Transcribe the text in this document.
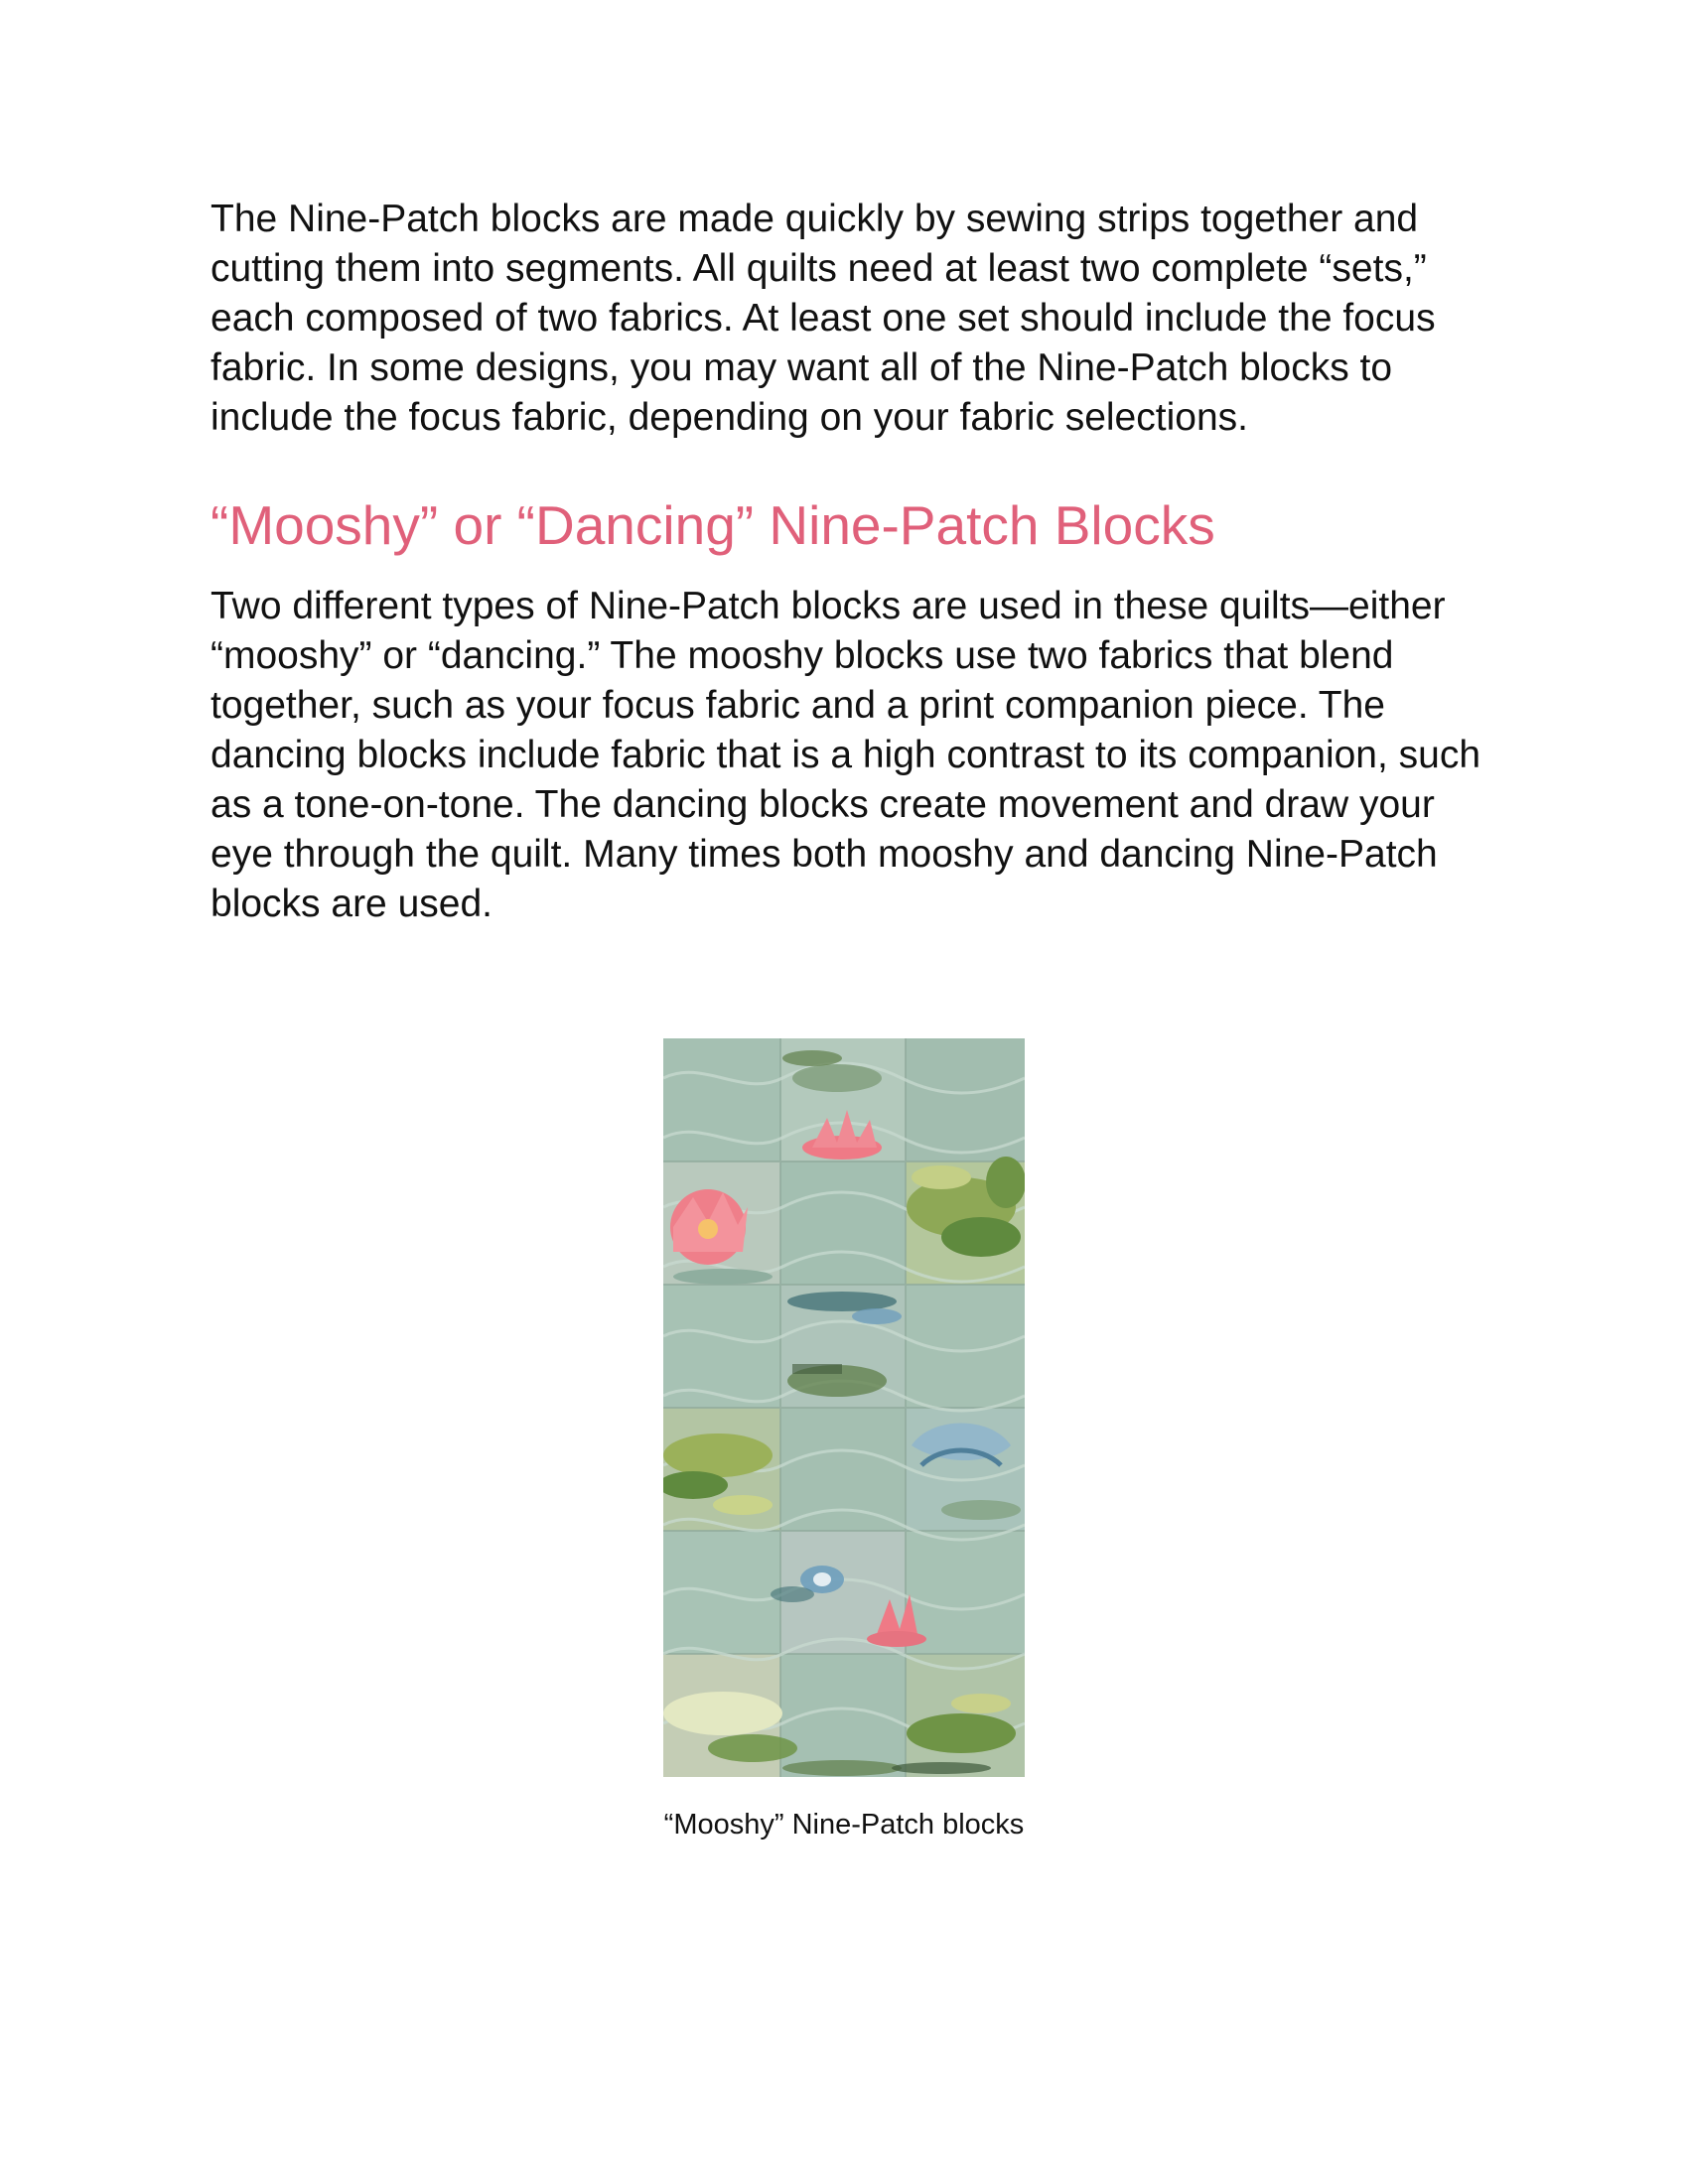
The Nine-Patch blocks are made quickly by sewing strips together and cutting them into segments. All quilts need at least two complete “sets,” each composed of two fabrics. At least one set should include the focus fabric. In some designs, you may want all of the Nine-Patch blocks to include the focus fabric, depending on your fabric selections.

“Mooshy” or “Dancing” Nine-Patch Blocks

Two different types of Nine-Patch blocks are used in these quilts—either “mooshy” or “dancing.” The mooshy blocks use two fabrics that blend together, such as your focus fabric and a print companion piece. The dancing blocks include fabric that is a high contrast to its companion, such as a tone-on-tone. The dancing blocks create movement and draw your eye through the quilt. Many times both mooshy and dancing Nine-Patch blocks are used.

“Mooshy” Nine-Patch blocks
